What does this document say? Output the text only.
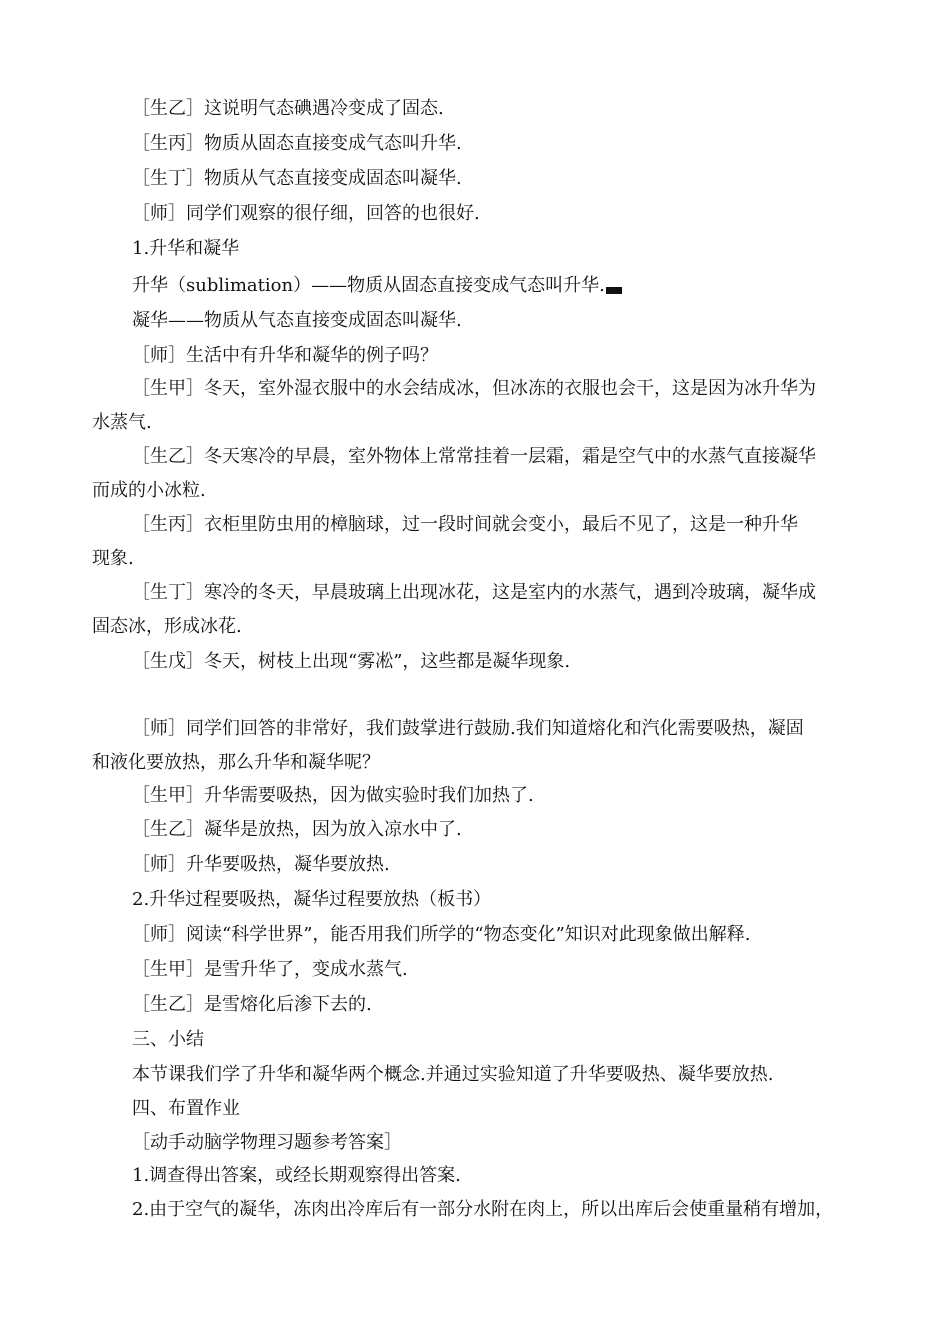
［生乙］这说明气态碘遇冷变成了固态.
［生丙］物质从固态直接变成气态叫升华.
［生丁］物质从气态直接变成固态叫凝华.
［师］同学们观察的很仔细，回答的也很好.
1.升华和凝华
升华（sublimation）——物质从固态直接变成气态叫升华.
凝华——物质从气态直接变成固态叫凝华.
［师］生活中有升华和凝华的例子吗？
［生甲］冬天，室外湿衣服中的水会结成冰，但冰冻的衣服也会干，这是因为冰升华为
水蒸气.
［生乙］冬天寒冷的早晨，室外物体上常常挂着一层霜，霜是空气中的水蒸气直接凝华
而成的小冰粒.
［生丙］衣柜里防虫用的樟脑球，过一段时间就会变小，最后不见了，这是一种升华
现象.
［生丁］寒冷的冬天，早晨玻璃上出现冰花，这是室内的水蒸气，遇到冷玻璃，凝华成
固态冰，形成冰花.
［生戊］冬天，树枝上出现“雾凇”，这些都是凝华现象.
［师］同学们回答的非常好，我们鼓掌进行鼓励.我们知道熔化和汽化需要吸热，凝固
和液化要放热，那么升华和凝华呢？
［生甲］升华需要吸热，因为做实验时我们加热了.
［生乙］凝华是放热，因为放入凉水中了.
［师］升华要吸热，凝华要放热.
2.升华过程要吸热，凝华过程要放热（板书）
［师］阅读“科学世界”，能否用我们所学的“物态变化”知识对此现象做出解释.
［生甲］是雪升华了，变成水蒸气.
［生乙］是雪熔化后渗下去的.
三、小结
本节课我们学了升华和凝华两个概念.并通过实验知道了升华要吸热、凝华要放热.
四、布置作业
［动手动脑学物理习题参考答案］
1.调查得出答案，或经长期观察得出答案.
2.由于空气的凝华，冻肉出冷库后有一部分水附在肉上，所以出库后会使重量稍有增加，
